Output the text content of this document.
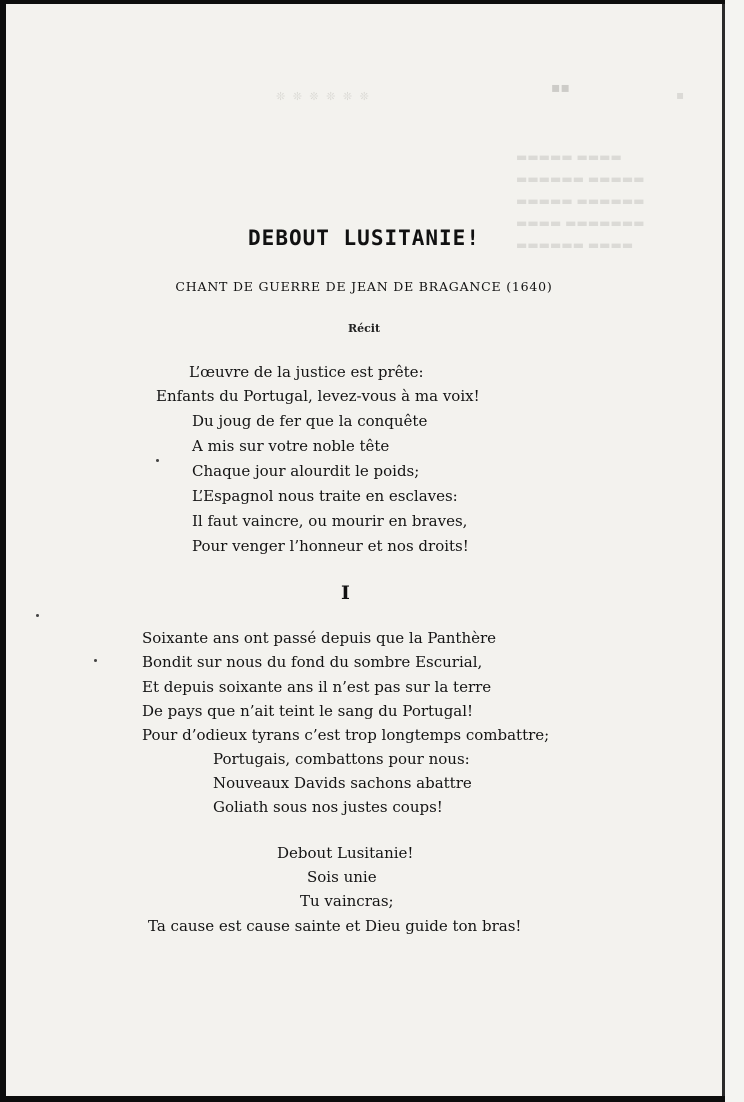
❊ ❊ ❊ ❊ ❊ ❊
▪▪	▪
▬▬▬▬▬ ▬▬▬▬
▬▬▬▬▬▬ ▬▬▬▬▬
▬▬▬▬▬ ▬▬▬▬▬▬
▬▬▬▬ ▬▬▬▬▬▬▬
▬▬▬▬▬▬ ▬▬▬▬
DEBOUT LUSITANIE!
CHANT DE GUERRE DE JEAN DE BRAGANCE (1640)
Récit
L’œuvre de la justice est prête:
Enfants du Portugal, levez-vous à ma voix!
Du joug de fer que la conquête
A mis sur votre noble tête
Chaque jour alourdit le poids;
L’Espagnol nous traite en esclaves:
Il faut vaincre, ou mourir en braves,
Pour venger l’honneur et nos droits!
I
Soixante ans ont passé depuis que la Panthère
Bondit sur nous du fond du sombre Escurial,
Et depuis soixante ans il n’est pas sur la terre
De pays que n’ait teint le sang du Portugal!
Pour d’odieux tyrans c’est trop longtemps combattre;
Portugais, combattons pour nous:
Nouveaux Davids sachons abattre
Goliath sous nos justes coups!
Debout Lusitanie!
Sois unie
Tu vaincras;
Ta cause est cause sainte et Dieu guide ton bras!
